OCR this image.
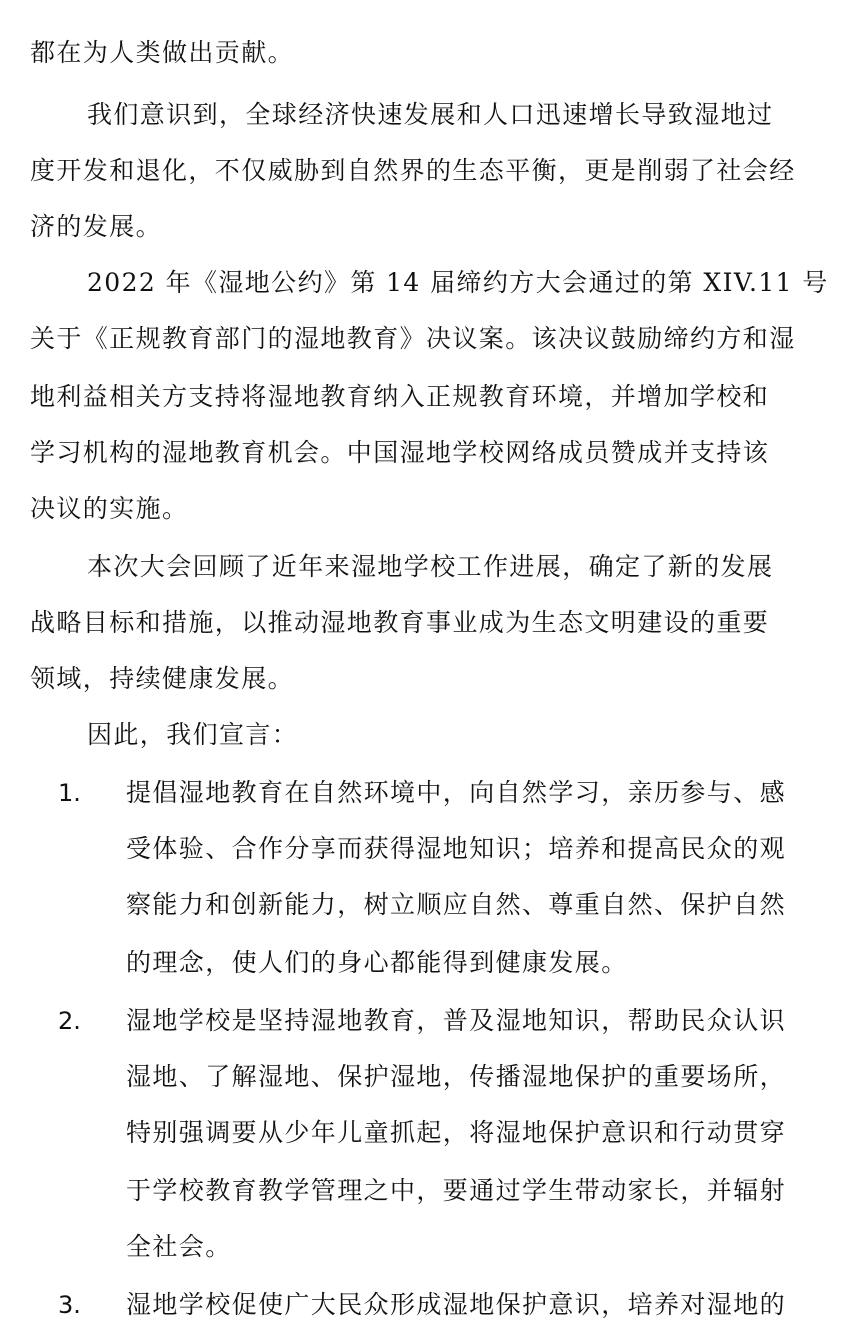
都在为人类做出贡献。
我们意识到，全球经济快速发展和人口迅速增长导致湿地过
度开发和退化，不仅威胁到自然界的生态平衡，更是削弱了社会经
济的发展。
2022 年《湿地公约》第 14 届缔约方大会通过的第 XIV.11 号
关于《正规教育部门的湿地教育》决议案。该决议鼓励缔约方和湿
地利益相关方支持将湿地教育纳入正规教育环境，并增加学校和
学习机构的湿地教育机会。中国湿地学校网络成员赞成并支持该
决议的实施。
本次大会回顾了近年来湿地学校工作进展，确定了新的发展
战略目标和措施，以推动湿地教育事业成为生态文明建设的重要
领域，持续健康发展。
因此，我们宣言：
1. 提倡湿地教育在自然环境中，向自然学习，亲历参与、感
受体验、合作分享而获得湿地知识；培养和提高民众的观
察能力和创新能力，树立顺应自然、尊重自然、保护自然
的理念，使人们的身心都能得到健康发展。
2. 湿地学校是坚持湿地教育，普及湿地知识，帮助民众认识
湿地、了解湿地、保护湿地，传播湿地保护的重要场所，
特别强调要从少年儿童抓起，将湿地保护意识和行动贯穿
于学校教育教学管理之中，要通过学生带动家长，并辐射
全社会。
3. 湿地学校促使广大民众形成湿地保护意识，培养对湿地的
